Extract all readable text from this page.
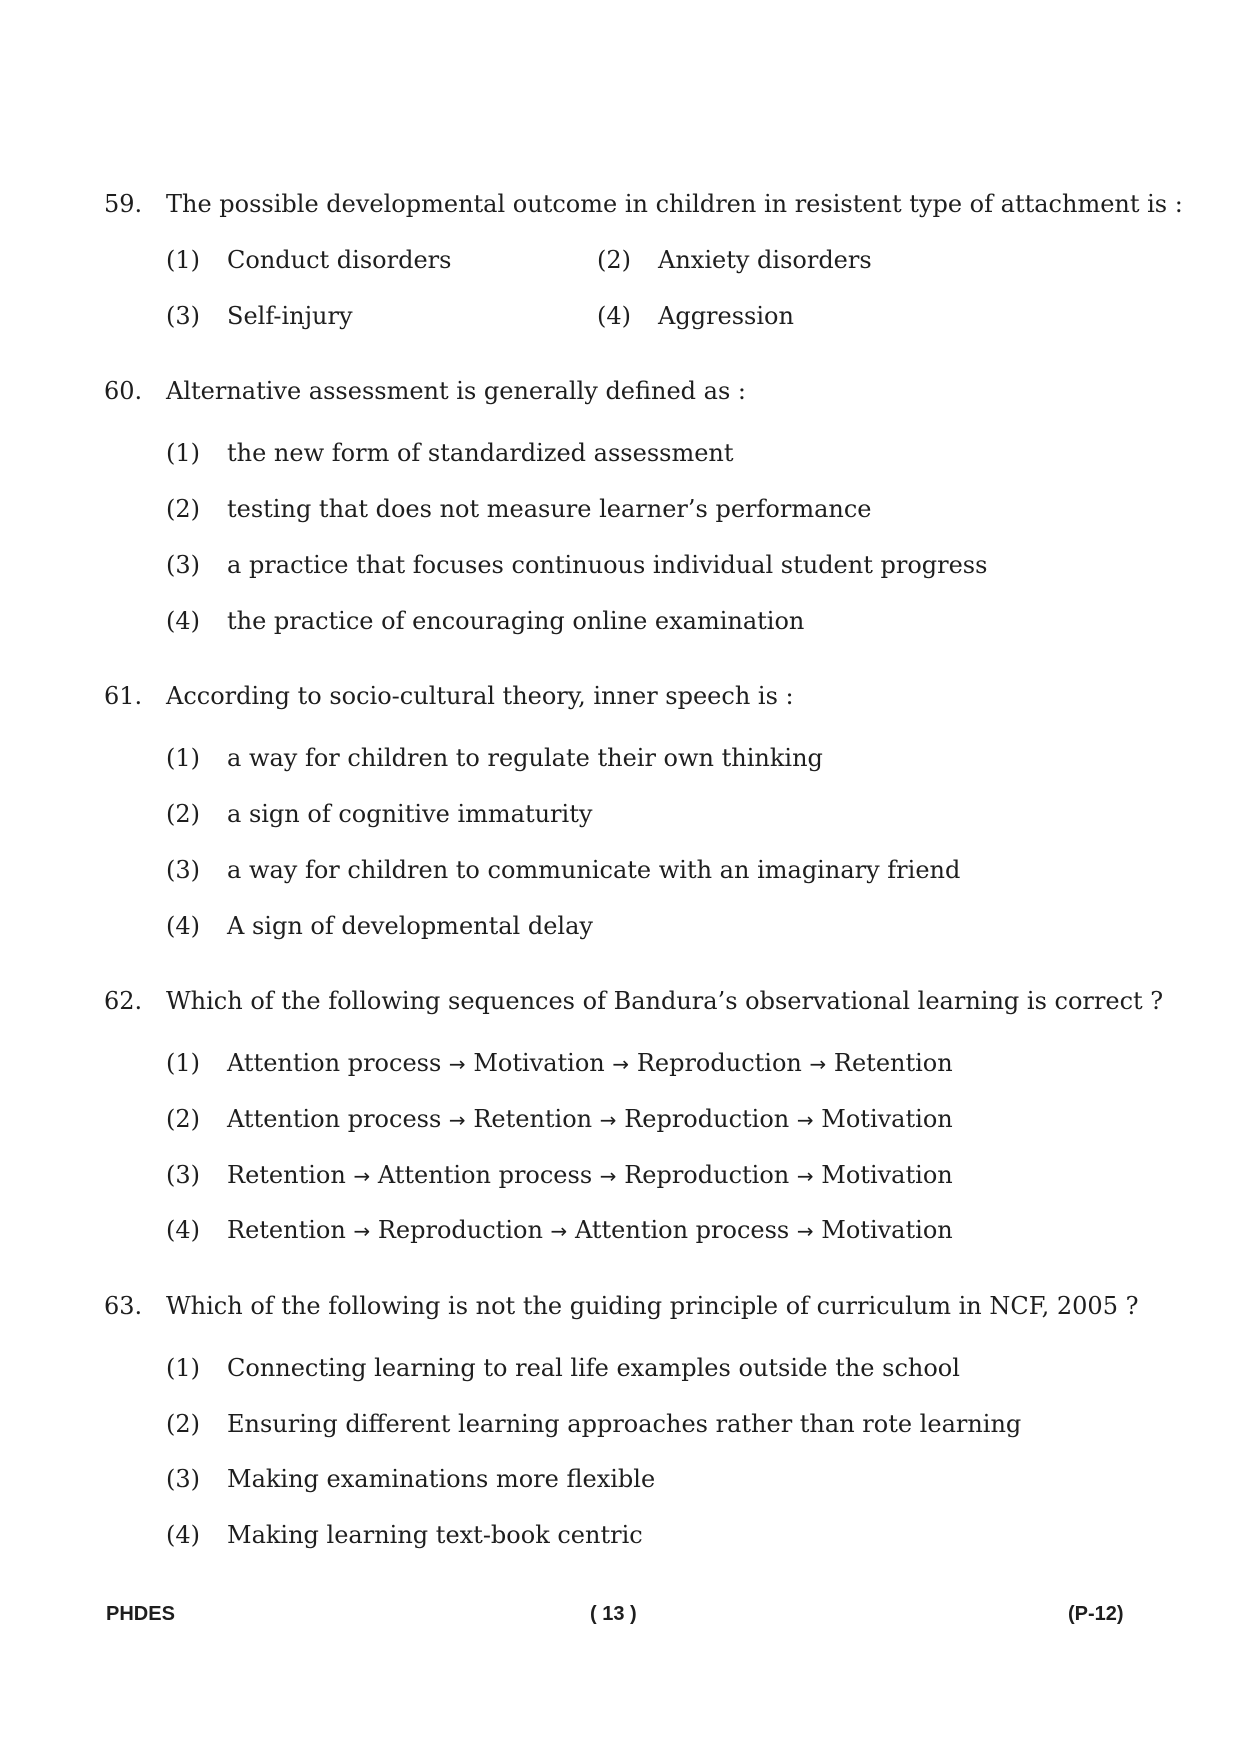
59. The possible developmental outcome in children in resistent type of attachment is :
(1) Conduct disorders	(2) Anxiety disorders
(3) Self-injury	(4) Aggression
60. Alternative assessment is generally defined as :
(1) the new form of standardized assessment
(2) testing that does not measure learner’s performance
(3) a practice that focuses continuous individual student progress
(4) the practice of encouraging online examination
61. According to socio-cultural theory, inner speech is :
(1) a way for children to regulate their own thinking
(2) a sign of cognitive immaturity
(3) a way for children to communicate with an imaginary friend
(4) A sign of developmental delay
62. Which of the following sequences of Bandura’s observational learning is correct ?
(1) Attention process → Motivation → Reproduction → Retention
(2) Attention process → Retention → Reproduction → Motivation
(3) Retention → Attention process → Reproduction → Motivation
(4) Retention → Reproduction → Attention process → Motivation
63. Which of the following is not the guiding principle of curriculum in NCF, 2005 ?
(1) Connecting learning to real life examples outside the school
(2) Ensuring different learning approaches rather than rote learning
(3) Making examinations more flexible
(4) Making learning text-book centric
PHDES	( 13 )	(P-12)
